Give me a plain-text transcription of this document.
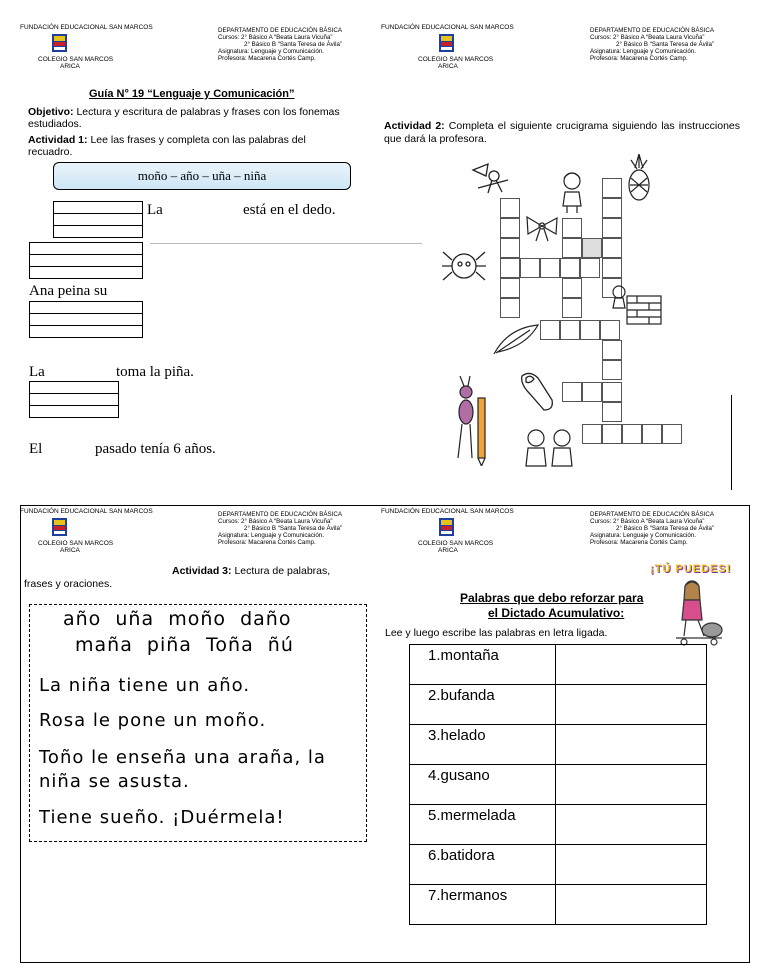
FUNDACIÓN EDUCACIONAL SAN MARCOS
COLEGIO SAN MARCOS
ARICA
DEPARTAMENTO DE EDUCACIÓN BÁSICA
Cursos: 2° Básico A “Beata Laura Vicuña”
2° Básico B “Santa Teresa de Ávila”
Asignatura: Lenguaje y Comunicación.
Profesora: Macarena Cortés Camp.
FUNDACIÓN EDUCACIONAL SAN MARCOS
COLEGIO SAN MARCOS
ARICA
DEPARTAMENTO DE EDUCACIÓN BÁSICA
Cursos: 2° Básico A “Beata Laura Vicuña”
2° Básico B “Santa Teresa de Ávila”
Asignatura: Lenguaje y Comunicación.
Profesora: Macarena Cortés Camp.
Guía N° 19 “Lenguaje y Comunicación”
Objetivo: Lectura y escritura de palabras y frases con los fonemas estudiados.
Actividad 1: Lee las frases y completa con las palabras del recuadro.
moño – año – uña – niña
La	está en el dedo.
Ana peina su
La	toma la piña.
El	pasado tenía 6 años.
Actividad 2: Completa el siguiente crucigrama siguiendo las instrucciones que dará la profesora.
FUNDACIÓN EDUCACIONAL SAN MARCOS
COLEGIO SAN MARCOS
ARICA
DEPARTAMENTO DE EDUCACIÓN BÁSICA
Cursos: 2° Básico A “Beata Laura Vicuña”
2° Básico B “Santa Teresa de Ávila”
Asignatura: Lenguaje y Comunicación.
Profesora: Macarena Cortés Camp.
FUNDACIÓN EDUCACIONAL SAN MARCOS
COLEGIO SAN MARCOS
ARICA
DEPARTAMENTO DE EDUCACIÓN BÁSICA
Cursos: 2° Básico A “Beata Laura Vicuña”
2° Básico B “Santa Teresa de Ávila”
Asignatura: Lenguaje y Comunicación.
Profesora: Macarena Cortés Camp.
Actividad 3: Lectura de palabras,
frases y oraciones.
año  uña  moño  daño
maña  piña  Toña  ñú
La niña tiene un año.
Rosa le pone un moño.
Toño le enseña una araña, la
niña se asusta.
Tiene sueño. ¡Duérmela!
¡TÚ PUEDES!
Palabras que debo reforzar para
el Dictado Acumulativo:
Lee y luego escribe las palabras en letra ligada.
1.montaña	
2.bufanda	
3.helado	
4.gusano	
5.mermelada	
6.batidora	
7.hermanos	
